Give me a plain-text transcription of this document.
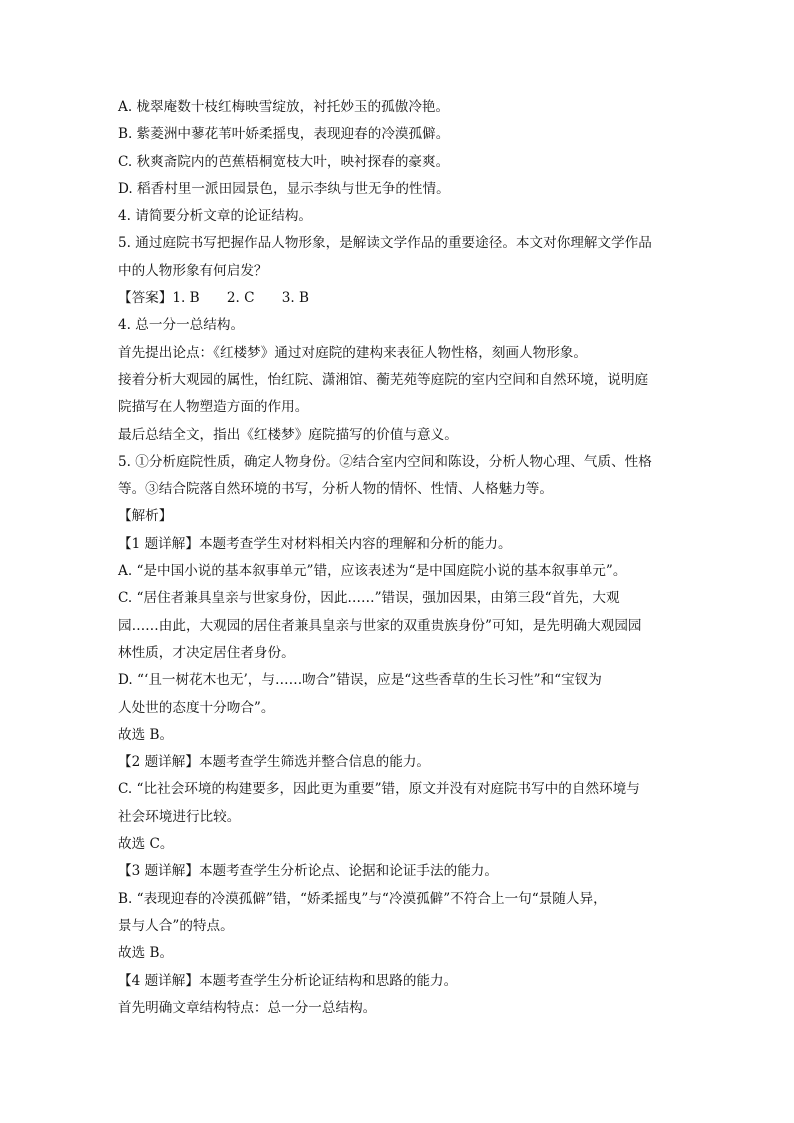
A. 栊翠庵数十枝红梅映雪绽放，衬托妙玉的孤傲冷艳。
B. 紫菱洲中蓼花苇叶娇柔摇曳，表现迎春的冷漠孤僻。
C. 秋爽斋院内的芭蕉梧桐宽枝大叶，映衬探春的豪爽。
D. 稻香村里一派田园景色，显示李纨与世无争的性情。
4. 请简要分析文章的论证结构。
5. 通过庭院书写把握作品人物形象，是解读文学作品的重要途径。本文对你理解文学作品
中的人物形象有何启发？
【答案】1. B　　2. C　　3. B
4. 总一分一总结构。
首先提出论点：《红楼梦》通过对庭院的建构来表征人物性格，刻画人物形象。
接着分析大观园的属性，怡红院、潇湘馆、蘅芜苑等庭院的室内空间和自然环境，说明庭
院描写在人物塑造方面的作用。
最后总结全文，指出《红楼梦》庭院描写的价值与意义。
5. ①分析庭院性质，确定人物身份。②结合室内空间和陈设，分析人物心理、气质、性格
等。③结合院落自然环境的书写，分析人物的情怀、性情、人格魅力等。
【解析】
【1 题详解】本题考查学生对材料相关内容的理解和分析的能力。
A. “是中国小说的基本叙事单元”错，应该表述为“是中国庭院小说的基本叙事单元”。
C. “居住者兼具皇亲与世家身份，因此……”错误，强加因果，由第三段“首先，大观
园……由此，大观园的居住者兼具皇亲与世家的双重贵族身份”可知，是先明确大观园园
林性质，才决定居住者身份。
D. “‘且一树花木也无’，与……吻合”错误，应是“这些香草的生长习性”和“宝钗为
人处世的态度十分吻合”。
故选 B。
【2 题详解】本题考查学生筛选并整合信息的能力。
C. “比社会环境的构建要多，因此更为重要”错，原文并没有对庭院书写中的自然环境与
社会环境进行比较。
故选 C。
【3 题详解】本题考查学生分析论点、论据和论证手法的能力。
B. “表现迎春的冷漠孤僻”错，“娇柔摇曳”与“冷漠孤僻”不符合上一句“景随人异，
景与人合”的特点。
故选 B。
【4 题详解】本题考查学生分析论证结构和思路的能力。
首先明确文章结构特点：总一分一总结构。
